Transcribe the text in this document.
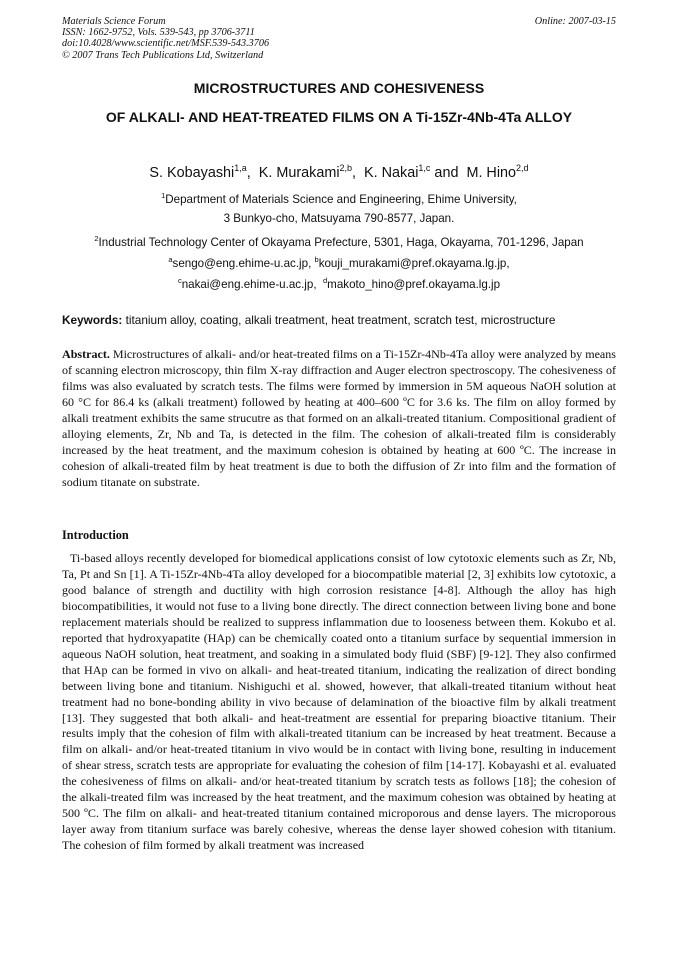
Materials Science Forum
ISSN: 1662-9752, Vols. 539-543, pp 3706-3711
doi:10.4028/www.scientific.net/MSF.539-543.3706
© 2007 Trans Tech Publications Ltd, Switzerland
Online: 2007-03-15
MICROSTRUCTURES AND COHESIVENESS
OF ALKALI- AND HEAT-TREATED FILMS ON A Ti-15Zr-4Nb-4Ta ALLOY
S. Kobayashi$^{1,a}$,  K. Murakami$^{2,b}$,  K. Nakai$^{1,c}$ and  M. Hino$^{2,d}$
$^1$Department of Materials Science and Engineering, Ehime University,
3 Bunkyo-cho, Matsuyama 790-8577, Japan.
$^2$Industrial Technology Center of Okayama Prefecture, 5301, Haga, Okayama, 701-1296, Japan
$^a$sengo@eng.ehime-u.ac.jp, $^b$kouji_murakami@pref.okayama.lg.jp,
$^c$nakai@eng.ehime-u.ac.jp,  $^d$makoto_hino@pref.okayama.lg.jp
Keywords: titanium alloy, coating, alkali treatment, heat treatment, scratch test, microstructure
Abstract. Microstructures of alkali- and/or heat-treated films on a Ti-15Zr-4Nb-4Ta alloy were analyzed by means of scanning electron microscopy, thin film X-ray diffraction and Auger electron spectroscopy. The cohesiveness of films was also evaluated by scratch tests. The films were formed by immersion in 5M aqueous NaOH solution at 60 °C for 86.4 ks (alkali treatment) followed by heating at 400–600 ºC for 3.6 ks. The film on alloy formed by alkali treatment exhibits the same strucutre as that formed on an alkali-treated titanium. Compositional gradient of alloying elements, Zr, Nb and Ta, is detected in the film. The cohesion of alkali-treated film is considerably increased by the heat treatment, and the maximum cohesion is obtained by heating at 600 ºC. The increase in cohesion of alkali-treated film by heat treatment is due to both the diffusion of Zr into film and the formation of sodium titanate on substrate.
Introduction
Ti-based alloys recently developed for biomedical applications consist of low cytotoxic elements such as Zr, Nb, Ta, Pt and Sn [1]. A Ti-15Zr-4Nb-4Ta alloy developed for a biocompatible material [2, 3] exhibits low cytotoxic, a good balance of strength and ductility with high corrosion resistance [4-8]. Although the alloy has high biocompatibilities, it would not fuse to a living bone directly. The direct connection between living bone and bone replacement materials should be realized to suppress inflammation due to looseness between them. Kokubo et al. reported that hydroxyapatite (HAp) can be chemically coated onto a titanium surface by sequential immersion in aqueous NaOH solution, heat treatment, and soaking in a simulated body fluid (SBF) [9-12]. They also confirmed that HAp can be formed in vivo on alkali- and heat-treated titanium, indicating the realization of direct bonding between living bone and titanium. Nishiguchi et al. showed, however, that alkali-treated titanium without heat treatment had no bone-bonding ability in vivo because of delamination of the bioactive film by alkali treatment [13]. They suggested that both alkali- and heat-treatment are essential for preparing bioactive titanium. Their results imply that the cohesion of film with alkali-treated titanium can be increased by heat treatment. Because a film on alkali- and/or heat-treated titanium in vivo would be in contact with living bone, resulting in inducement of shear stress, scratch tests are appropriate for evaluating the cohesion of film [14-17]. Kobayashi et al. evaluated the cohesiveness of films on alkali- and/or heat-treated titanium by scratch tests as follows [18]; the cohesion of the alkali-treated film was increased by the heat treatment, and the maximum cohesion was obtained by heating at 500 ºC. The film on alkali- and heat-treated titanium contained microporous and dense layers. The microporous layer away from titanium surface was barely cohesive, whereas the dense layer showed cohesion with titanium. The cohesion of film formed by alkali treatment was increased
